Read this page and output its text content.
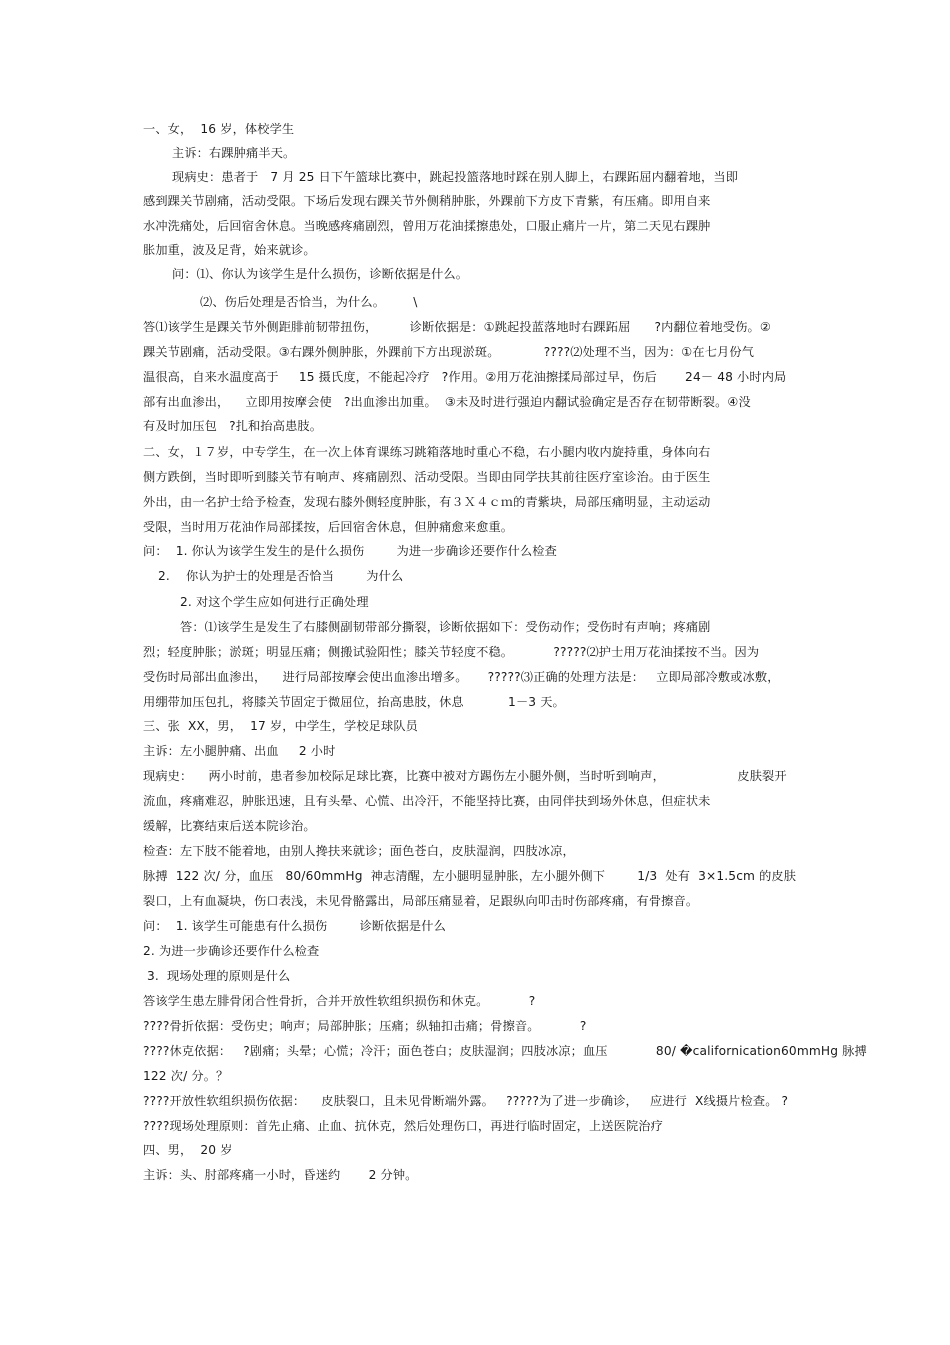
一、女，  16 岁，体校学生
主诉：右踝肿痛半天。
现病史：患者于   7 月 25 日下午篮球比赛中，跳起投篮落地时踩在别人脚上，右踝跖屈内翻着地，当即
感到踝关节剧痛，活动受限。下场后发现右踝关节外侧稍肿胀，外踝前下方皮下青紫，有压痛。即用自来
水冲洗痛处，后回宿舍休息。当晚感疼痛剧烈，曾用万花油揉擦患处，口服止痛片一片，第二天见右踝肿
胀加重，波及足背，始来就诊。
问：⑴、你认为该学生是什么损伤，诊断依据是什么。
⑵、伤后处理是否恰当，为什么。       \
答⑴该学生是踝关节外侧距腓前韧带扭伤，        诊断依据是：①跳起投蓝落地时右踝跖屈      ?内翻位着地受伤。②
踝关节剧痛，活动受限。③右踝外侧肿胀，外踝前下方出现淤斑。           ????⑵处理不当，因为：①在七月份气
温很高，自来水温度高于     15 摄氏度，不能起冷疗   ?作用。②用万花油擦揉局部过早，伤后       24－ 48 小时内局
部有出血渗出，    立即用按摩会使   ?出血渗出加重。  ③未及时进行强迫内翻试验确定是否存在韧带断裂。④没
有及时加压包   ?扎和抬高患肢。
二、女，１７岁，中专学生，在一次上体育课练习跳箱落地时重心不稳，右小腿内收内旋持重，身体向右
侧方跌倒，当时即听到膝关节有响声、疼痛剧烈、活动受限。当即由同学扶其前往医疗室诊治。由于医生
外出，由一名护士给予检查，发现右膝外侧轻度肿胀，有３Ｘ４ｃｍ的青紫块，局部压痛明显，主动运动
受限，当时用万花油作局部揉按，后回宿舍休息，但肿痛愈来愈重。
问：  1. 你认为该学生发生的是什么损伤        为进一步确诊还要作什么检查
2.    你认为护士的处理是否恰当        为什么
2. 对这个学生应如何进行正确处理
答：⑴该学生是发生了右膝侧副韧带部分撕裂，诊断依据如下：受伤动作；受伤时有声响；疼痛剧
烈；轻度肿胀；淤斑；明显压痛；侧搬试验阳性；膝关节轻度不稳。          ?????⑵护士用万花油揉按不当。因为
受伤时局部出血渗出，    进行局部按摩会使出血渗出增多。     ?????⑶正确的处理方法是：   立即局部冷敷或冰敷，
用绷带加压包扎，将膝关节固定于微屈位，抬高患肢，休息           1－3 天。
三、张  XX，男，  17 岁，中学生，学校足球队员
主诉：左小腿肿痛、出血     2 小时
现病史：    两小时前，患者参加校际足球比赛，比赛中被对方踢伤左小腿外侧，当时听到响声，                  皮肤裂开
流血，疼痛难忍，肿胀迅速，且有头晕、心慌、出冷汗，不能坚持比赛，由同伴扶到场外休息，但症状未
缓解，比赛结束后送本院诊治。
检查：左下肢不能着地，由别人搀扶来就诊；面色苍白，皮肤湿润，四肢冰凉，
脉搏  122 次/ 分，血压   80/60mmHg  神志清醒，左小腿明显肿胀，左小腿外侧下        1/3  处有  3×1.5cm 的皮肤
裂口，上有血凝块，伤口表浅，未见骨骼露出，局部压痛显着，足跟纵向叩击时伤部疼痛，有骨擦音。
问：  1. 该学生可能患有什么损伤        诊断依据是什么
2. 为进一步确诊还要作什么检查
3.  现场处理的原则是什么
答该学生患左腓骨闭合性骨折，合并开放性软组织损伤和休克。          ?
????骨折依据：受伤史；响声；局部肿胀；压痛；纵轴扣击痛；骨擦音。          ?
????休克依据：   ?剧痛；头晕；心慌；冷汗；面色苍白；皮肤湿润；四肢冰凉；血压            80/ �californication60mmHg 脉搏
122 次/ 分。？
????开放性软组织损伤依据：    皮肤裂口，且未见骨断端外露。   ?????为了进一步确诊，   应进行  X线摄片检查。 ?
????现场处理原则：首先止痛、止血、抗休克，然后处理伤口，再进行临时固定，上送医院治疗
四、男，  20 岁
主诉：头、肘部疼痛一小时，昏迷约       2 分钟。
